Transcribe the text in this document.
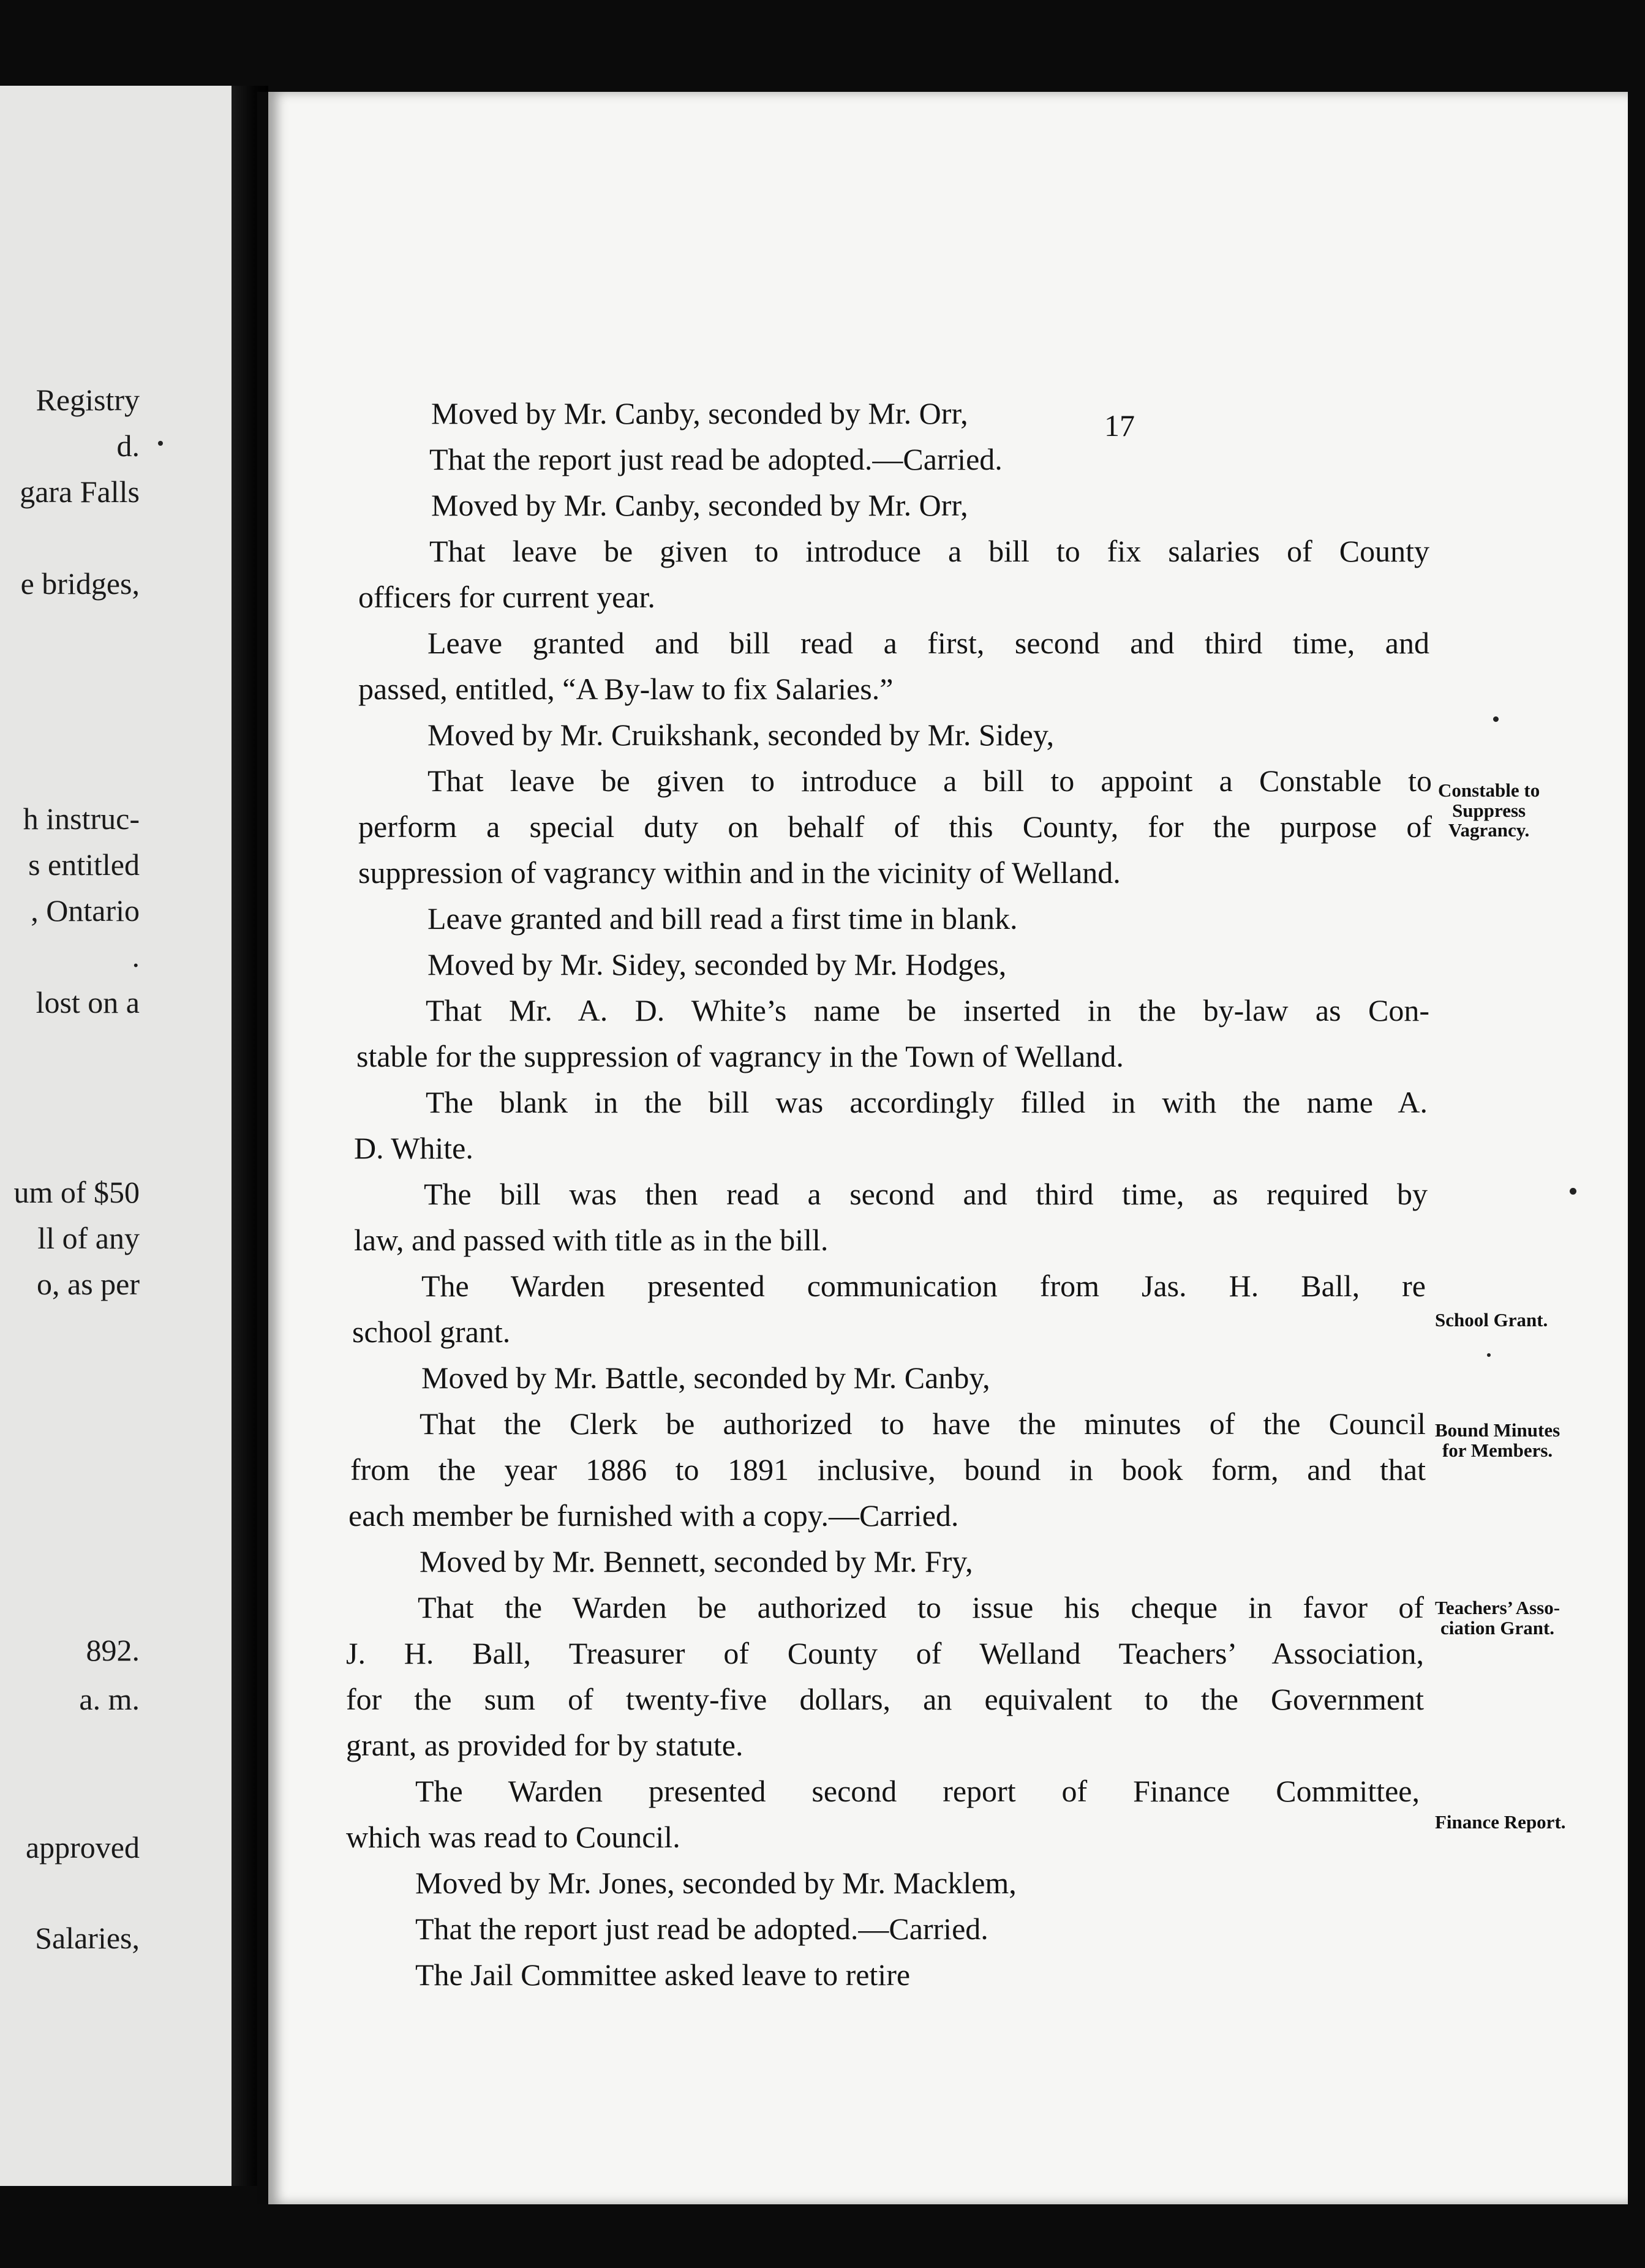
Registry
d.
gara Falls
e bridges,
h instruc-
s entitled
, Ontario
.
lost on a
um of $50
ll of any
o, as per
892.
a. m.
approved
Salaries,
17
Moved by Mr. Canby, seconded by Mr. Orr,
That the report just read be adopted.—Carried.
Moved by Mr. Canby, seconded by Mr. Orr,
That leave be given to introduce a bill to fix salaries of County
officers for current year.
Leave granted and bill read a first, second and third time, and
passed, entitled, “A By-law to fix Salaries.”
Moved by Mr. Cruikshank, seconded by Mr. Sidey,
That leave be given to introduce a bill to appoint a Constable to
perform a special duty on behalf of this County, for the purpose of
suppression of vagrancy within and in the vicinity of Welland.
Leave granted and bill read a first time in blank.
Moved by Mr. Sidey, seconded by Mr. Hodges,
That Mr. A. D. White’s name be inserted in the by-law as Con-
stable for the suppression of vagrancy in the Town of Welland.
The blank in the bill was accordingly filled in with the name A.
D. White.
The bill was then read a second and third time, as required by
law, and passed with title as in the bill.
The Warden presented communication from Jas. H. Ball, re
school grant.
Moved by Mr. Battle, seconded by Mr. Canby,
That the Clerk be authorized to have the minutes of the Council
from the year 1886 to 1891 inclusive, bound in book form, and that
each member be furnished with a copy.—Carried.
Moved by Mr. Bennett, seconded by Mr. Fry,
That the Warden be authorized to issue his cheque in favor of
J. H. Ball, Treasurer of County of Welland Teachers’ Association,
for the sum of twenty-five dollars, an equivalent to the Government
grant, as provided for by statute.
The Warden presented second report of Finance Committee,
which was read to Council.
Moved by Mr. Jones, seconded by Mr. Macklem,
That the report just read be adopted.—Carried.
The Jail Committee asked leave to retire
Constable to
Suppress
Vagrancy.
School Grant.
Bound Minutes
for Members.
Teachers’ Asso-
ciation Grant.
Finance Report.
